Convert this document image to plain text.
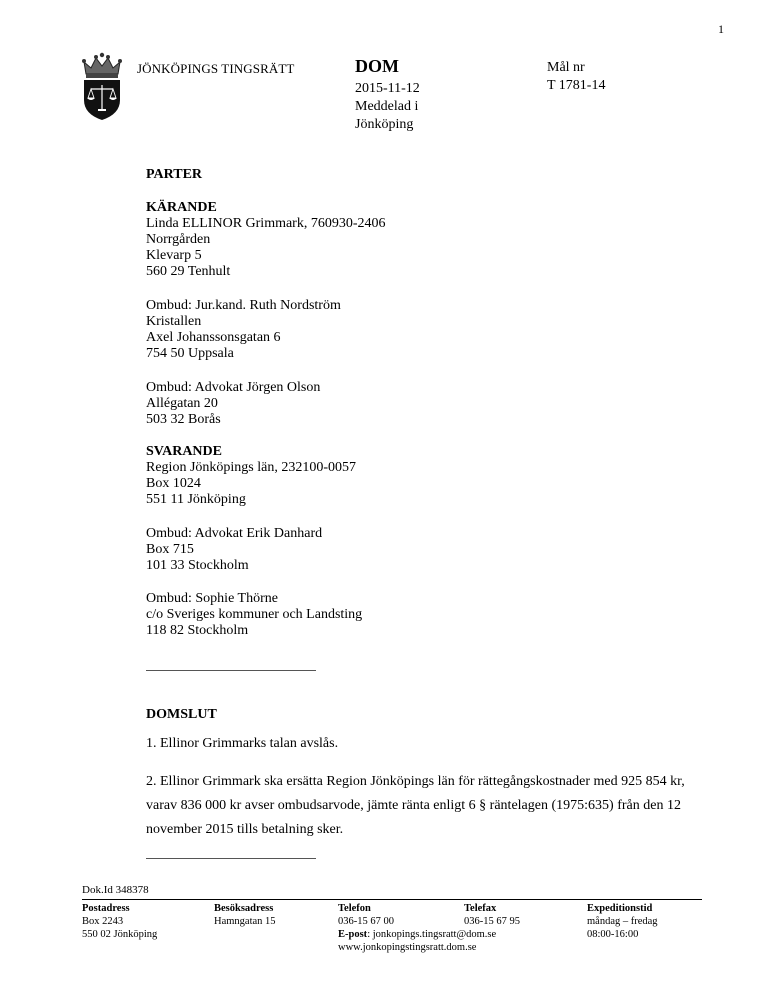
1
JÖNKÖPINGS TINGSRÄTT	DOM
2015-11-12
Meddelad i
Jönköping
Mål nr
T 1781-14
PARTER
KÄRANDE
Linda ELLINOR Grimmark, 760930-2406
Norrgården
Klevarp 5
560 29 Tenhult
Ombud: Jur.kand. Ruth Nordström
Kristallen
Axel Johanssonsgatan 6
754 50 Uppsala
Ombud: Advokat Jörgen Olson
Allégatan 20
503 32 Borås
SVARANDE
Region Jönköpings län, 232100-0057
Box 1024
551 11 Jönköping
Ombud: Advokat Erik Danhard
Box 715
101 33 Stockholm
Ombud: Sophie Thörne
c/o Sveriges kommuner och Landsting
118 82 Stockholm
DOMSLUT
1. Ellinor Grimmarks talan avslås.
2. Ellinor Grimmark ska ersätta Region Jönköpings län för rättegångskostnader med 925 854 kr, varav 836 000 kr avser ombudsarvode, jämte ränta enligt 6 § räntelagen (1975:635) från den 12 november 2015 tills betalning sker.
Dok.Id 348378
Postadress
Box 2243
550 02 Jönköping
Besöksadress
Hamngatan 15
Telefon
036-15 67 00
E-post: jonkopings.tingsratt@dom.se
www.jonkopingstingsratt.dom.se
Telefax
036-15 67 95
Expeditionstid
måndag – fredag
08:00-16:00
